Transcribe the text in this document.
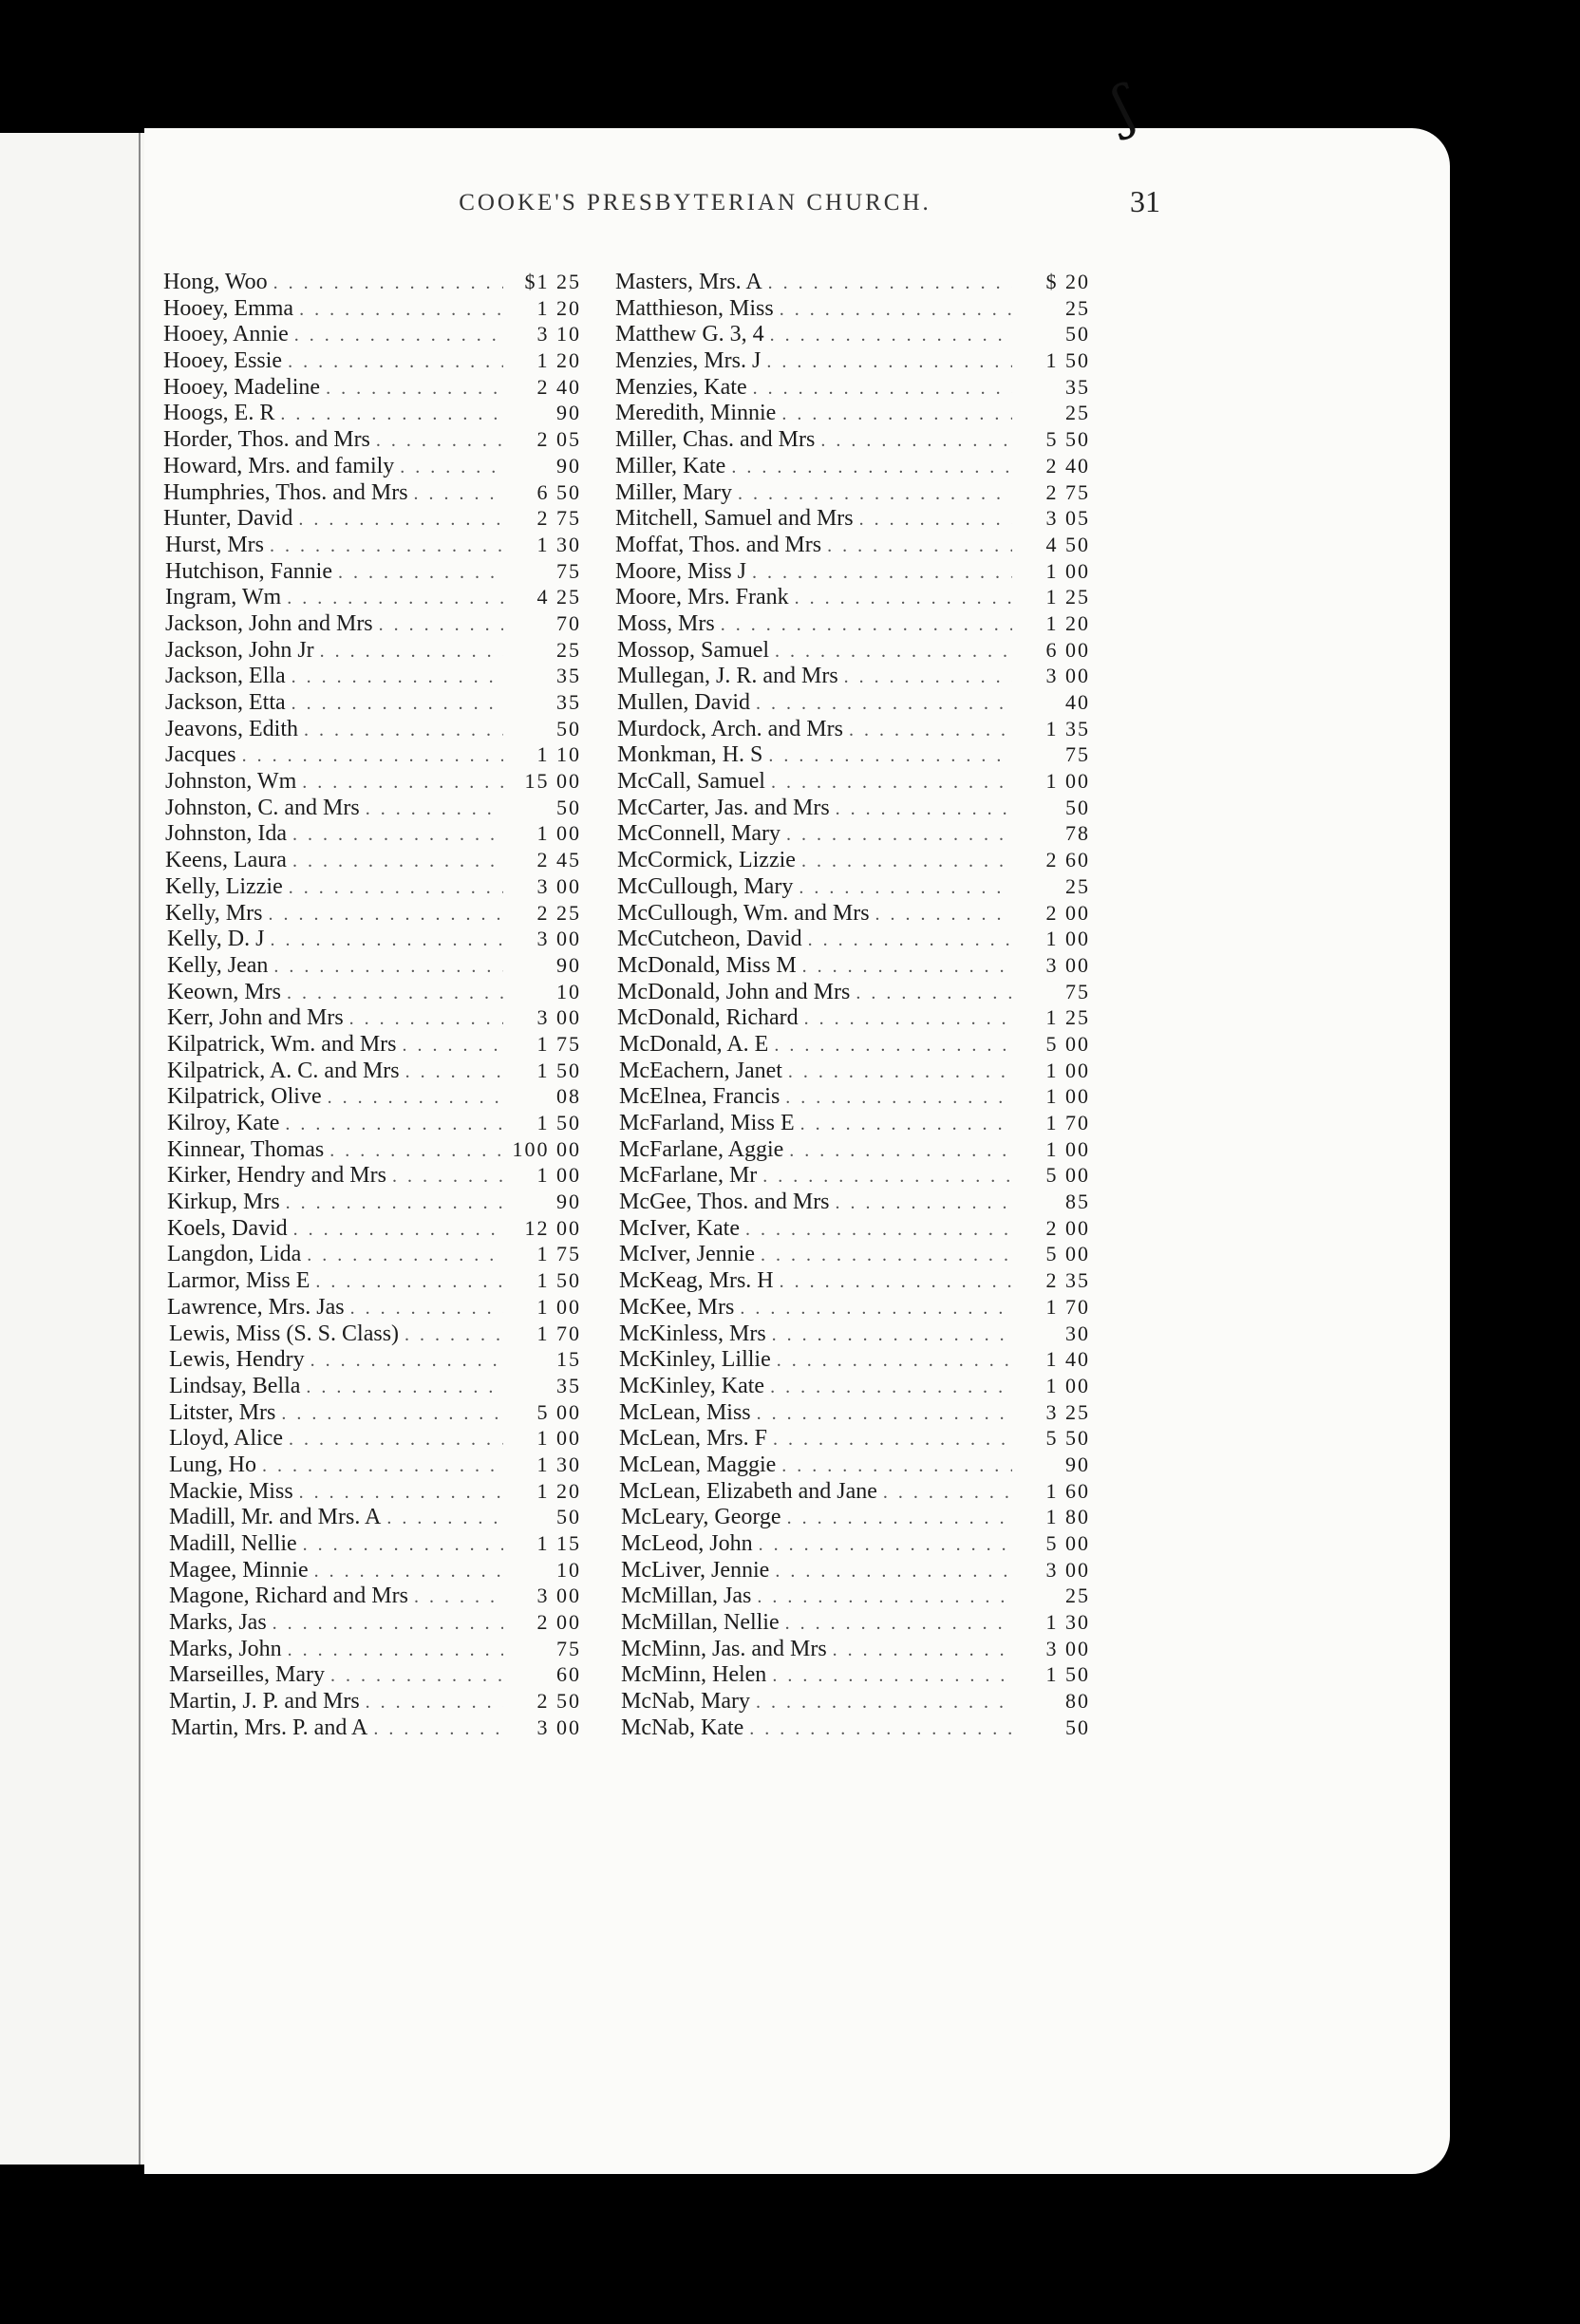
ʃ
COOKE'S PRESBYTERIAN CHURCH.	31
Hong, Woo . . .	$1 25
Hooey, Emma . . .	1 20
Hooey, Annie . . .	3 10
Hooey, Essie . . .	1 20
Hooey, Madeline . . .	2 40
Hoogs, E. R . . .	90
Horder, Thos. and Mrs . . .	2 05
Howard, Mrs. and family . . .	90
Humphries, Thos. and Mrs . . .	6 50
Hunter, David . . .	2 75
Hurst, Mrs . . .	1 30
Hutchison, Fannie . . .	75
Ingram, Wm . . .	4 25
Jackson, John and Mrs . . .	70
Jackson, John Jr . . .	25
Jackson, Ella . . .	35
Jackson, Etta . . .	35
Jeavons, Edith . . .	50
Jacques . . .	1 10
Johnston, Wm . . .	15 00
Johnston, C. and Mrs . . .	50
Johnston, Ida . . .	1 00
Keens, Laura . . .	2 45
Kelly, Lizzie . . .	3 00
Kelly, Mrs . . .	2 25
Kelly, D. J . . .	3 00
Kelly, Jean . . .	90
Keown, Mrs . . .	10
Kerr, John and Mrs . . .	3 00
Kilpatrick, Wm. and Mrs . . .	1 75
Kilpatrick, A. C. and Mrs . . .	1 50
Kilpatrick, Olive . . .	08
Kilroy, Kate . . .	1 50
Kinnear, Thomas . . .	100 00
Kirker, Hendry and Mrs . . .	1 00
Kirkup, Mrs . . .	90
Koels, David . . .	12 00
Langdon, Lida . . .	1 75
Larmor, Miss E . . .	1 50
Lawrence, Mrs. Jas . . .	1 00
Lewis, Miss (S. S. Class) . . .	1 70
Lewis, Hendry . . .	15
Lindsay, Bella . . .	35
Litster, Mrs . . .	5 00
Lloyd, Alice . . .	1 00
Lung, Ho . . .	1 30
Mackie, Miss . . .	1 20
Madill, Mr. and Mrs. A . . .	50
Madill, Nellie . . .	1 15
Magee, Minnie . . .	10
Magone, Richard and Mrs . . .	3 00
Marks, Jas . . .	2 00
Marks, John . . .	75
Marseilles, Mary . . .	60
Martin, J. P. and Mrs . . .	2 50
Martin, Mrs. P. and A . . .	3 00
Masters, Mrs. A . . .	$ 20
Matthieson, Miss . . .	25
Matthew G. 3, 4 . . .	50
Menzies, Mrs. J . . .	1 50
Menzies, Kate . . .	35
Meredith, Minnie . . .	25
Miller, Chas. and Mrs . . .	5 50
Miller, Kate . . .	2 40
Miller, Mary . . .	2 75
Mitchell, Samuel and Mrs . . .	3 05
Moffat, Thos. and Mrs . . .	4 50
Moore, Miss J . . .	1 00
Moore, Mrs. Frank . . .	1 25
Moss, Mrs . . .	1 20
Mossop, Samuel . . .	6 00
Mullegan, J. R. and Mrs . . .	3 00
Mullen, David . . .	40
Murdock, Arch. and Mrs . . .	1 35
Monkman, H. S . . .	75
McCall, Samuel . . .	1 00
McCarter, Jas. and Mrs . . .	50
McConnell, Mary . . .	78
McCormick, Lizzie . . .	2 60
McCullough, Mary . . .	25
McCullough, Wm. and Mrs . . .	2 00
McCutcheon, David . . .	1 00
McDonald, Miss M . . .	3 00
McDonald, John and Mrs . . .	75
McDonald, Richard . . .	1 25
McDonald, A. E . . .	5 00
McEachern, Janet . . .	1 00
McElnea, Francis . . .	1 00
McFarland, Miss E . . .	1 70
McFarlane, Aggie . . .	1 00
McFarlane, Mr . . .	5 00
McGee, Thos. and Mrs . . .	85
McIver, Kate . . .	2 00
McIver, Jennie . . .	5 00
McKeag, Mrs. H . . .	2 35
McKee, Mrs . . .	1 70
McKinless, Mrs . . .	30
McKinley, Lillie . . .	1 40
McKinley, Kate . . .	1 00
McLean, Miss . . .	3 25
McLean, Mrs. F . . .	5 50
McLean, Maggie . . .	90
McLean, Elizabeth and Jane . . .	1 60
McLeary, George . . .	1 80
McLeod, John . . .	5 00
McLiver, Jennie . . .	3 00
McMillan, Jas . . .	25
McMillan, Nellie . . .	1 30
McMinn, Jas. and Mrs . . .	3 00
McMinn, Helen . . .	1 50
McNab, Mary . . .	80
McNab, Kate . . .	50
